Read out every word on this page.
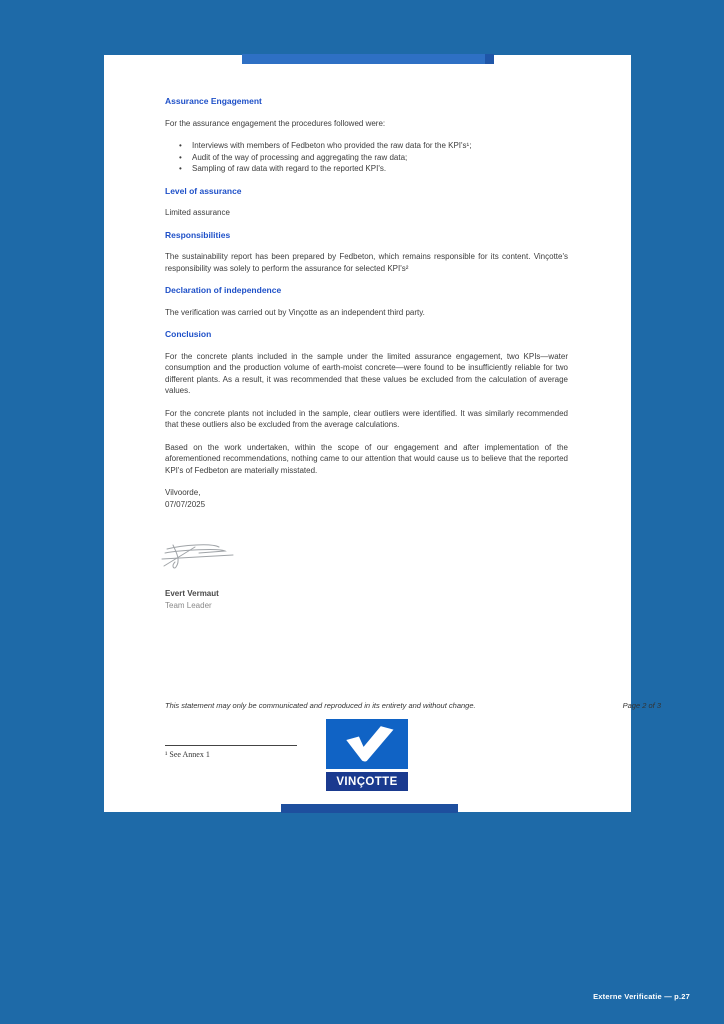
Assurance Engagement
For the assurance engagement the procedures followed were:
• Interviews with members of Fedbeton who provided the raw data for the KPI's¹;
• Audit of the way of processing and aggregating the raw data;
• Sampling of raw data with regard to the reported KPI's.
Level of assurance
Limited assurance
Responsibilities
The sustainability report has been prepared by Fedbeton, which remains responsible for its content. Vinçotte's responsibility was solely to perform the assurance for selected KPI's²
Declaration of independence
The verification was carried out by Vinçotte as an independent third party.
Conclusion
For the concrete plants included in the sample under the limited assurance engagement, two KPIs—water consumption and the production volume of earth-moist concrete—were found to be insufficiently reliable for two different plants. As a result, it was recommended that these values be excluded from the calculation of average values.
For the concrete plants not included in the sample, clear outliers were identified. It was similarly recommended that these outliers also be excluded from the average calculations.
Based on the work undertaken, within the scope of our engagement and after implementation of the aforementioned recommendations, nothing came to our attention that would cause us to believe that the reported KPI's of Fedbeton are materially misstated.
Vilvoorde,
07/07/2025
Evert Vermaut
Team Leader
This statement may only be communicated and reproduced in its entirety and without change.	Page 2 of 3
¹ See Annex 1
VINÇOTTE
Externe Verificatie — p.27
